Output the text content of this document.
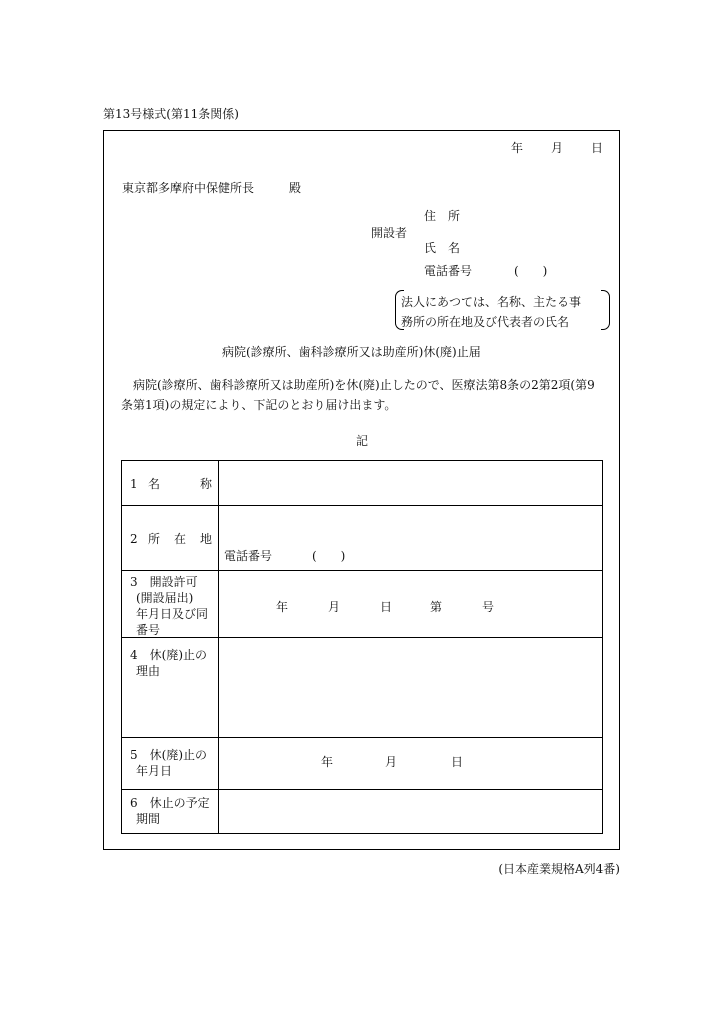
第13号様式(第11条関係)
年 月 日
東京都多摩府中保健所長	殿
開設者
住　所
氏　名
電話番号	(　　)
法人にあつては、名称、主たる事
務所の所在地及び代表者の氏名
病院(診療所、歯科診療所又は助産所)休(廃)止届
病院(診療所、歯科診療所又は助産所)を休(廃)止したので、医療法第8条の2第2項(第9
条第1項)の規定により、下記のとおり届け出ます。
記
1 名 称	

2 所 在 地	電話番号 (　　)

3　開設許可
(開設届出)
年月日及び同
番号	年 月 日 第 号

4　休(廃)止の
理由	

5　休(廃)止の
年月日	年 月 日

6　休止の予定
期間	

(日本産業規格A列4番)
